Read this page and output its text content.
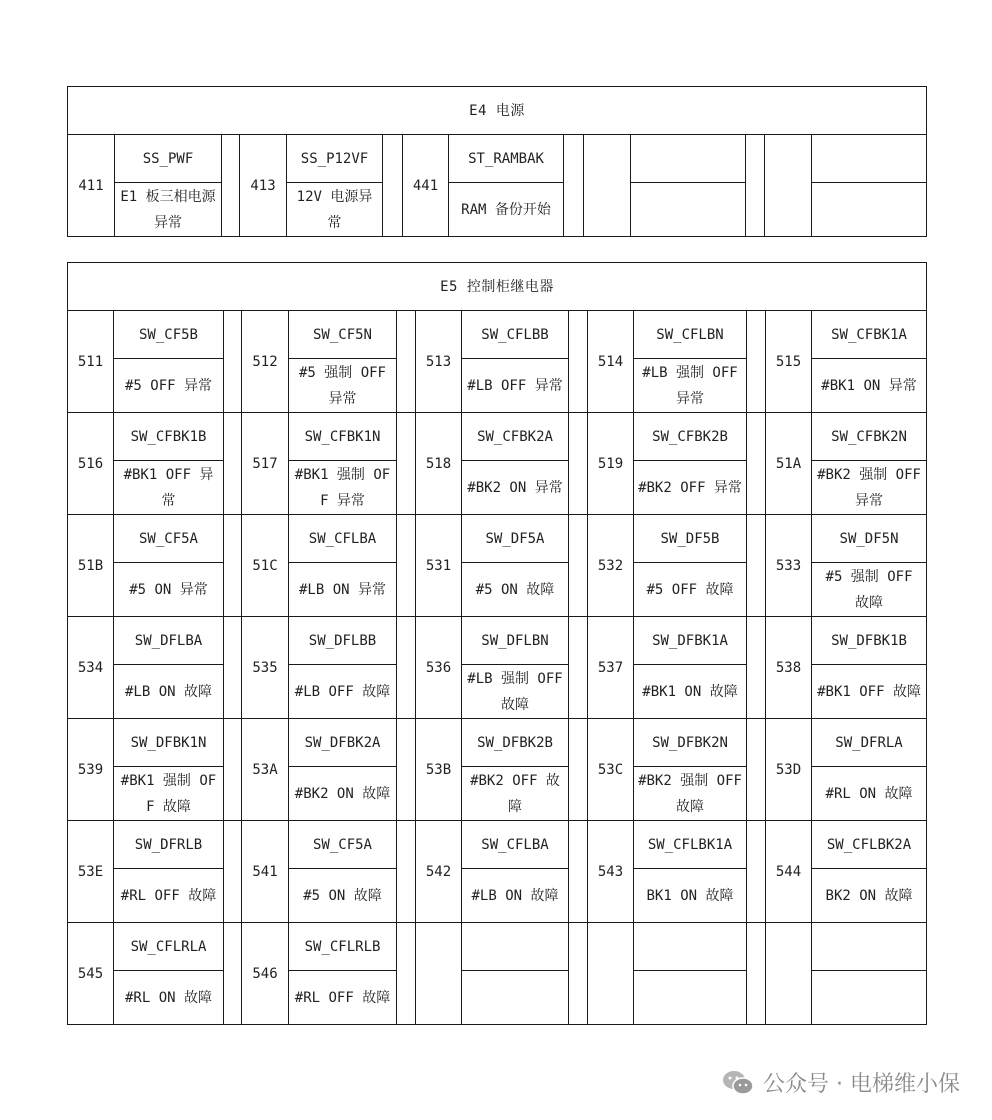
E4 电源													
411	SS_PWF		413	SS_P12VF		441	ST_RAMBAK						
	E1 板三相电源异常			12V 电源异常			RAM 备份开始						
E5 控制柜继电器													
511	SW_CF5B		512	SW_CF5N		513	SW_CFLBB		514	SW_CFLBN		515	SW_CFBK1A
	#5 OFF 异常			#5 强制 OFF 异常			#LB OFF 异常			#LB 强制 OFF 异常			#BK1 ON 异常
516	SW_CFBK1B		517	SW_CFBK1N		518	SW_CFBK2A		519	SW_CFBK2B		51A	SW_CFBK2N
	#BK1 OFF 异常			#BK1 强制 OFF 异常			#BK2 ON 异常			#BK2 OFF 异常			#BK2 强制 OFF 异常
51B	SW_CF5A		51C	SW_CFLBA		531	SW_DF5A		532	SW_DF5B		533	SW_DF5N
	#5 ON 异常			#LB ON 异常			#5 ON 故障			#5 OFF 故障			#5 强制 OFF 故障
534	SW_DFLBA		535	SW_DFLBB		536	SW_DFLBN		537	SW_DFBK1A		538	SW_DFBK1B
	#LB ON 故障			#LB OFF 故障			#LB 强制 OFF 故障			#BK1 ON 故障			#BK1 OFF 故障
539	SW_DFBK1N		53A	SW_DFBK2A		53B	SW_DFBK2B		53C	SW_DFBK2N		53D	SW_DFRLA
	#BK1 强制 OFF 故障			#BK2 ON 故障			#BK2 OFF 故障			#BK2 强制 OFF 故障			#RL ON 故障
53E	SW_DFRLB		541	SW_CF5A		542	SW_CFLBA		543	SW_CFLBK1A		544	SW_CFLBK2A
	#RL OFF 故障			#5 ON 故障			#LB ON 故障			BK1 ON 故障			BK2 ON 故障
545	SW_CFLRLA		546	SW_CFLRLB									
	#RL ON 故障			#RL OFF 故障									
公众号 · 电梯维小保
